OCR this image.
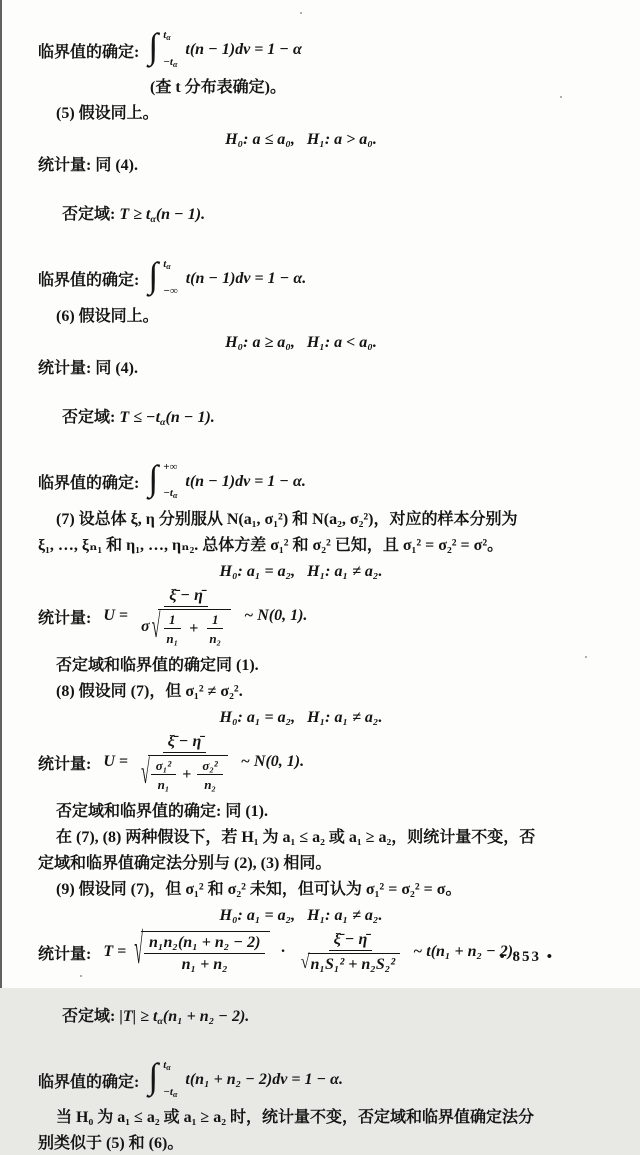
临界值的确定:
∫
$t_\alpha$
$-t_\alpha$
t(n − 1)dv = 1 − α
(查 t 分布表确定)。
(5) 假设同上。
H₀: a ≤ a₀,   H₁: a > a₀.
统计量: 同 (4).

否定域: $T \ge t_\alpha(n - 1)$.

临界值的确定:
∫
$t_\alpha$
−∞
t(n − 1)dv = 1 − α.
(6) 假设同上。
H₀: a ≥ a₀,   H₁: a < a₀.
统计量: 同 (4).

否定域: $T \le -t_\alpha(n - 1)$.

临界值的确定:
∫
+∞
$-t_\alpha$
t(n − 1)dv = 1 − α.
(7) 设总体 ξ, η 分别服从 N(a₁, σ₁²) 和 N(a₂, σ₂²)，对应的样本分别为
ξ₁, …, ξₙ₁ 和 η₁, …, ηₙ₂. 总体方差 σ₁² 和 σ₂² 已知，且 σ₁² = σ₂² = σ²。
H₀: a₁ = a₂,   H₁: a₁ ≠ a₂.
统计量: U =
ξ̄ − η̄
σ √ $\frac{1}{\text{n₁}} + \frac{1}{\text{n₂}}$ ~ N(0, 1).
否定域和临界值的确定同 (1).
(8) 假设同 (7)，但 σ₁² ≠ σ₂².
H₀: a₁ = a₂,   H₁: a₁ ≠ a₂.
统计量: U = ξ̄ − η̄
√
$\frac{\text{σ₁²}}{\text{n₁}} + \frac{\text{σ₂²}}{\text{n₂}}$ ~ N(0, 1).
否定域和临界值的确定: 同 (1).
在 (7), (8) 两种假设下，若 H₁ 为 a₁ ≤ a₂ 或 a₁ ≥ a₂，则统计量不变，否
定域和临界值确定法分别与 (2), (3) 相同。
(9) 假设同 (7)，但 σ₁² 和 σ₂² 未知，但可认为 σ₁² = σ₂² = σ。
H₀: a₁ = a₂,   H₁: a₁ ≠ a₂.
统计量: T = √ $\frac{\text{n₁n₂(n₁ + n₂ − 2)}}{\text{n₁ + n₂}}$ · ξ̄ − η̄
√
n₁S₁² + n₂S₂² ~ t(n₁ + n₂ − 2).

否定域: $|T| \ge t_\alpha(n_1 + n_2 - 2)$.

临界值的确定:
∫
$t_\alpha$
$-t_\alpha$
t(n₁ + n₂ − 2)dv = 1 − α.
当 H₀ 为 a₁ ≤ a₂ 或 a₁ ≥ a₂ 时，统计量不变，否定域和临界值确定法分
别类似于 (5) 和 (6)。
• 853 •
